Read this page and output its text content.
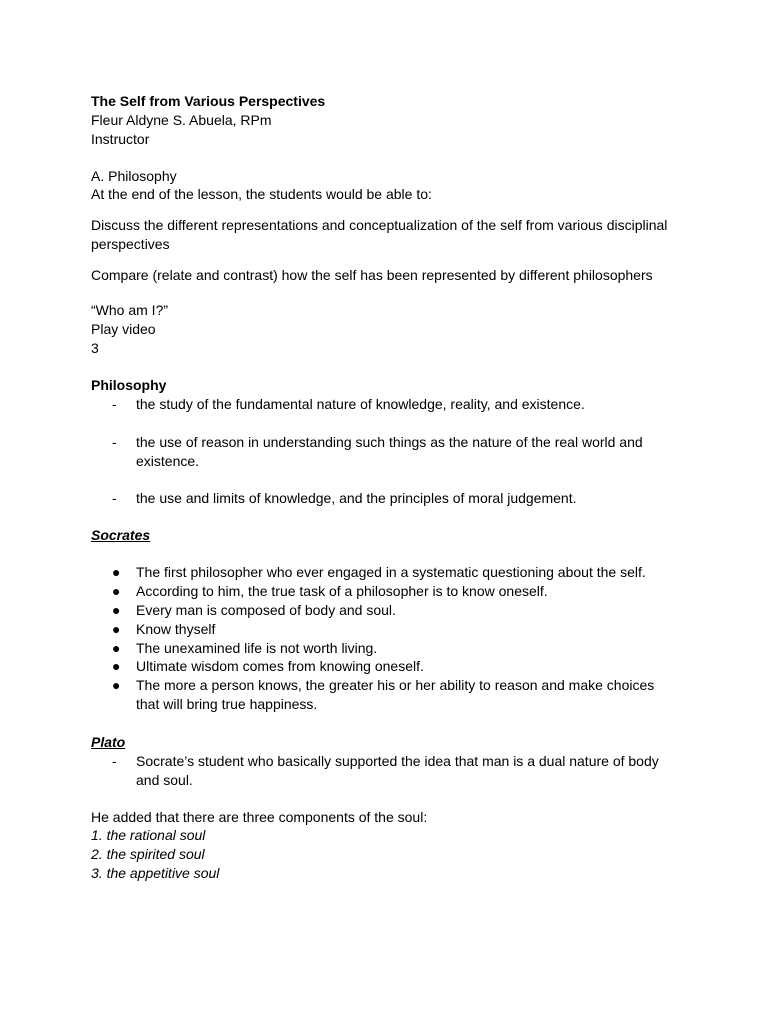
The Self from Various Perspectives
Fleur Aldyne S. Abuela, RPm
Instructor
A. Philosophy
At the end of the lesson, the students would be able to:
Discuss the different representations and conceptualization of the self from various disciplinal perspectives
Compare (relate and contrast) how the self has been represented by different philosophers
“Who am I?”
Play video
3
Philosophy
- the study of the fundamental nature of knowledge, reality, and existence.
- the use of reason in understanding such things as the nature of the real world and existence.
- the use and limits of knowledge, and the principles of moral judgement.
Socrates
● The first philosopher who ever engaged in a systematic questioning about the self.
● According to him, the true task of a philosopher is to know oneself.
● Every man is composed of body and soul.
● Know thyself
● The unexamined life is not worth living.
● Ultimate wisdom comes from knowing oneself.
● The more a person knows, the greater his or her ability to reason and make choices that will bring true happiness.
Plato
- Socrate’s student who basically supported the idea that man is a dual nature of body and soul.
He added that there are three components of the soul:
1. the rational soul
2. the spirited soul
3. the appetitive soul
